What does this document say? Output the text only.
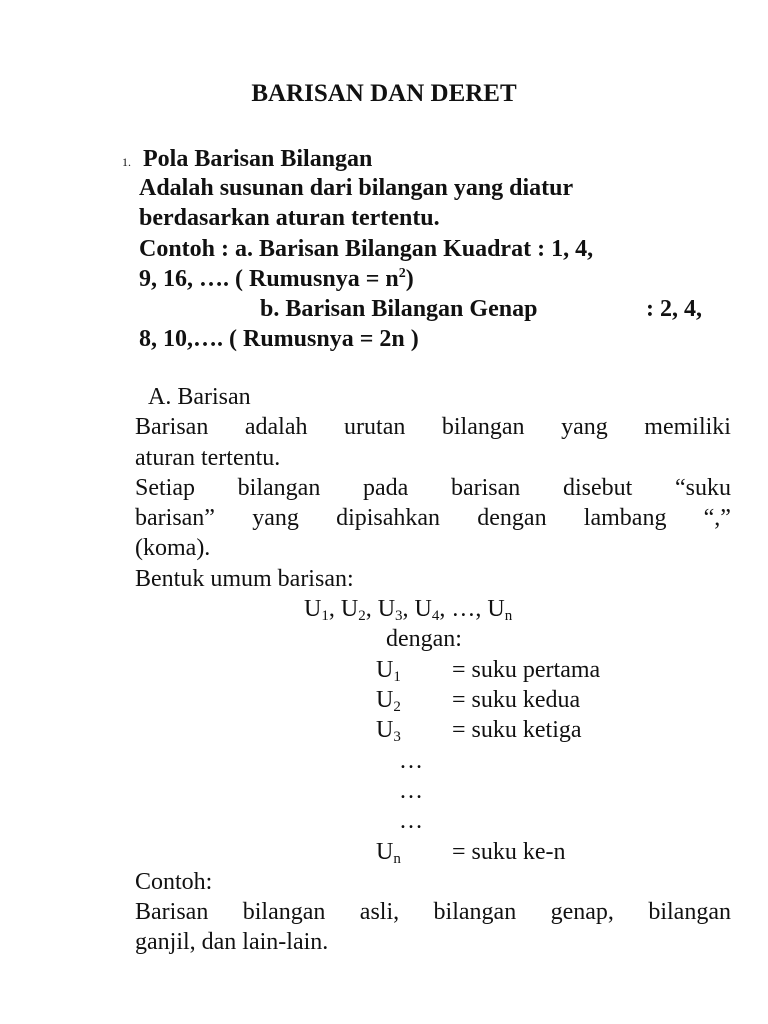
BARISAN DAN DERET
1. Pola Barisan Bilangan
Adalah susunan dari bilangan yang diatur
berdasarkan aturan tertentu.
Contoh : a. Barisan Bilangan Kuadrat : 1, 4,
9, 16, …. ( Rumusnya = $n^2$)
b. Barisan Bilangan Genap	: 2, 4,
8, 10,…. ( Rumusnya = 2n )
A. Barisan
Barisan adalah urutan bilangan yang memiliki
aturan tertentu.
Setiap bilangan pada barisan disebut “suku
barisan” yang dipisahkan dengan lambang “,”
(koma).
Bentuk umum barisan:
$U_1$, $U_2$, $U_3$, $U_4$, …, $U_n$
dengan:
$U_1$ = suku pertama
$U_2$ = suku kedua
$U_3$ = suku ketiga
…
…
…
$U_n$ = suku ke-n
Contoh:
Barisan bilangan asli, bilangan genap, bilangan
ganjil, dan lain-lain.
